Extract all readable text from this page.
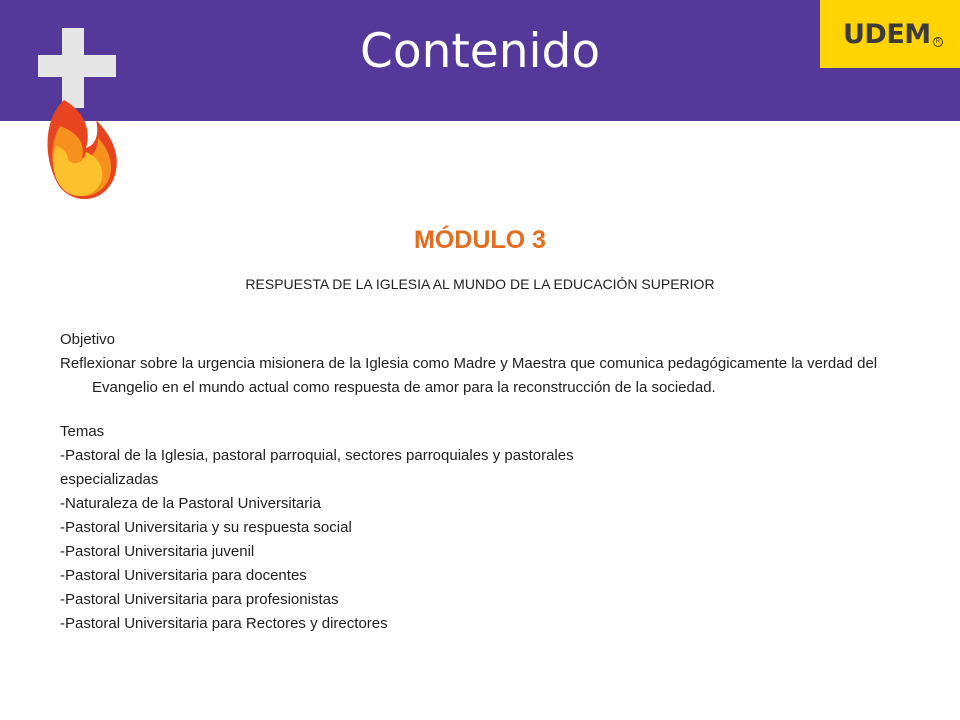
Contenido	UDEM R
MÓDULO 3
RESPUESTA DE LA IGLESIA AL MUNDO DE LA EDUCACIÓN SUPERIOR

Objetivo

Reflexionar sobre la urgencia misionera de la Iglesia como Madre y Maestra que comunica pedagógicamente la verdad del Evangelio en el mundo actual como respuesta de amor para la reconstrucción de la sociedad.

Temas

-Pastoral de la Iglesia, pastoral parroquial, sectores parroquiales y pastorales

especializadas

-Naturaleza de la Pastoral Universitaria

-Pastoral Universitaria y su respuesta social

-Pastoral Universitaria juvenil

-Pastoral Universitaria para docentes

-Pastoral Universitaria para profesionistas

-Pastoral Universitaria para Rectores y directores
